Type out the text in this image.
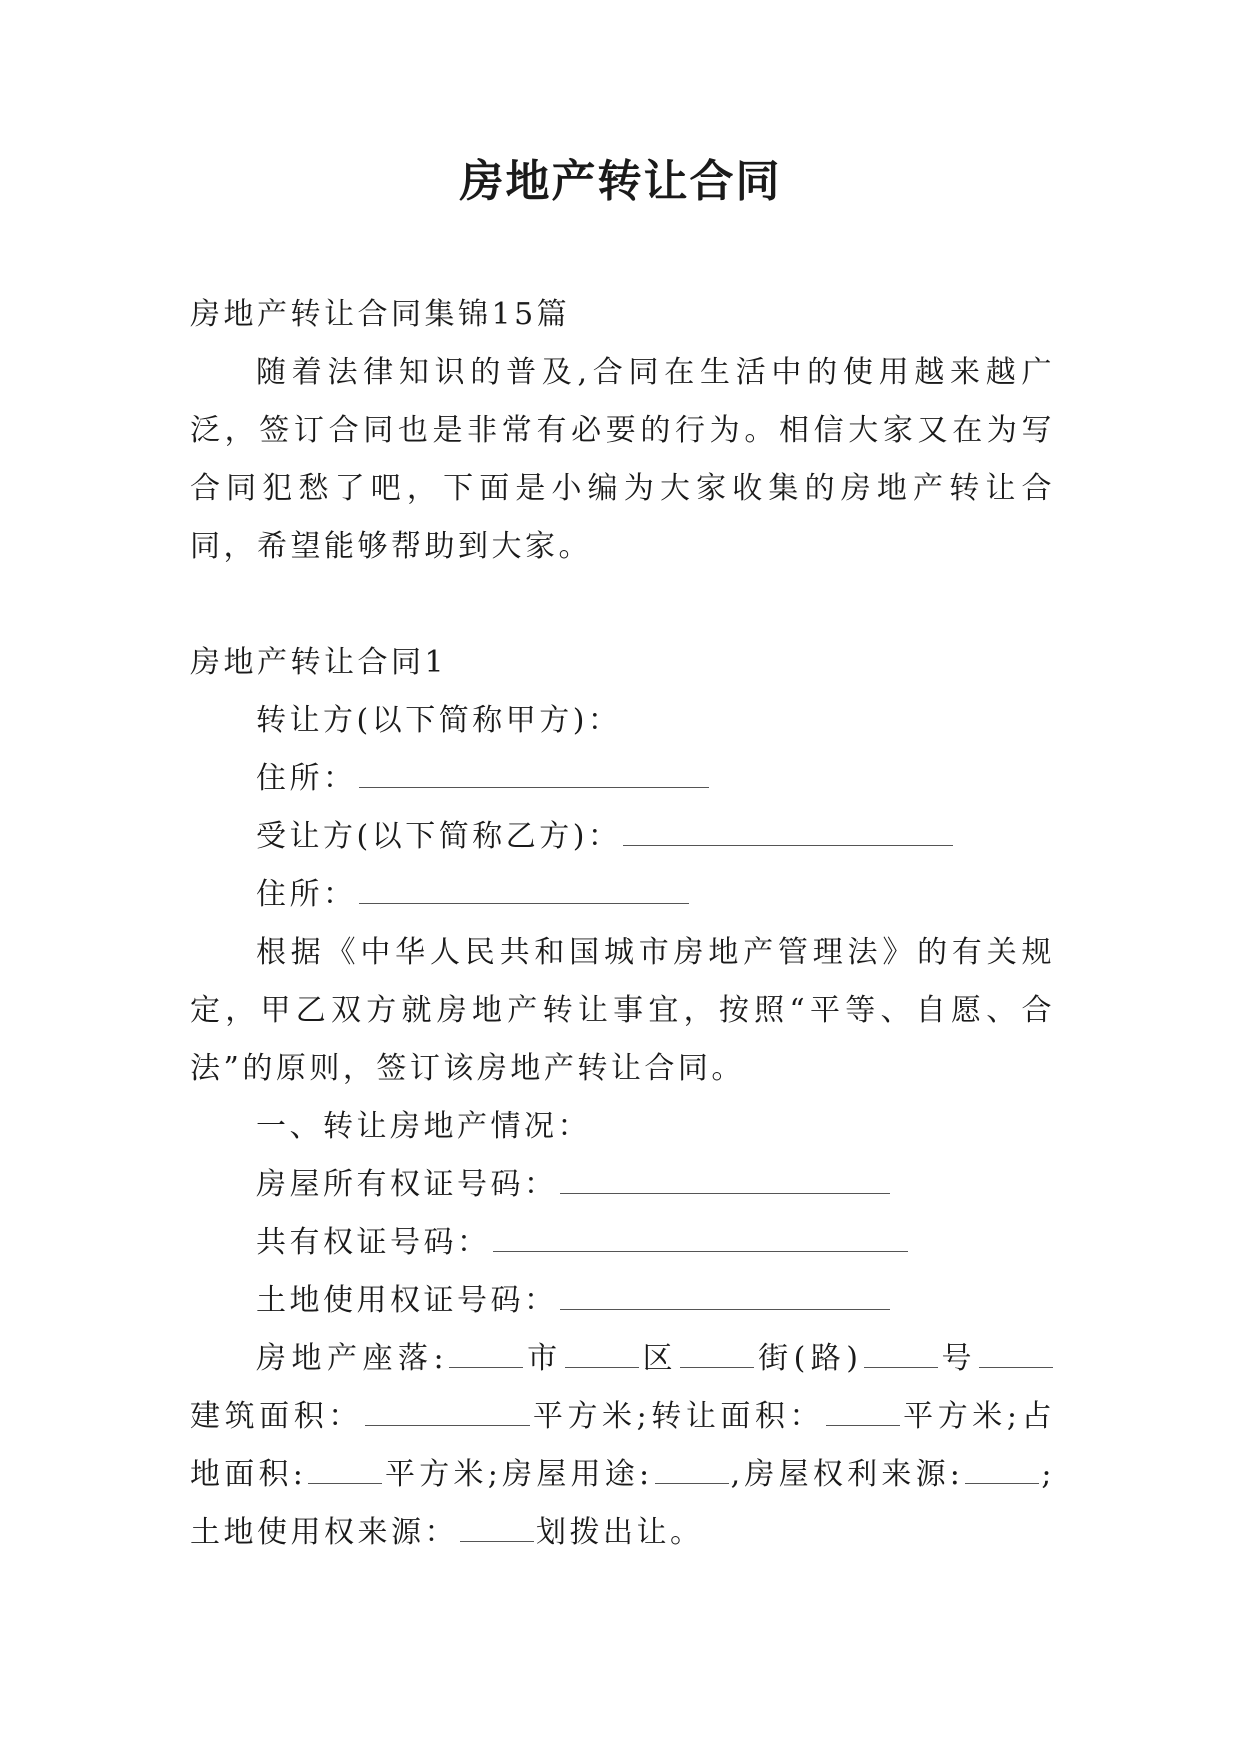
房地产转让合同

房地产转让合同集锦15篇

随着法律知识的普及,合同在生活中的使用越来越广泛，签订合同也是非常有必要的行为。相信大家又在为写合同犯愁了吧，下面是小编为大家收集的房地产转让合同，希望能够帮助到大家。

房地产转让合同1

转让方(以下简称甲方)：

住所：

受让方(以下简称乙方)：

住所：

根据《中华人民共和国城市房地产管理法》的有关规定，甲乙双方就房地产转让事宜，按照“平等、自愿、合法”的原则，签订该房地产转让合同。

一、转让房地产情况：

房屋所有权证号码：

共有权证号码：

土地使用权证号码：

房地产座落:	市	区	街(路)	号建筑面积：	平方米;转让面积：	平方米;占地面积:	平方米;房屋用途:	,房屋权利来源:	;土地使用权来源：	划拨出让。
